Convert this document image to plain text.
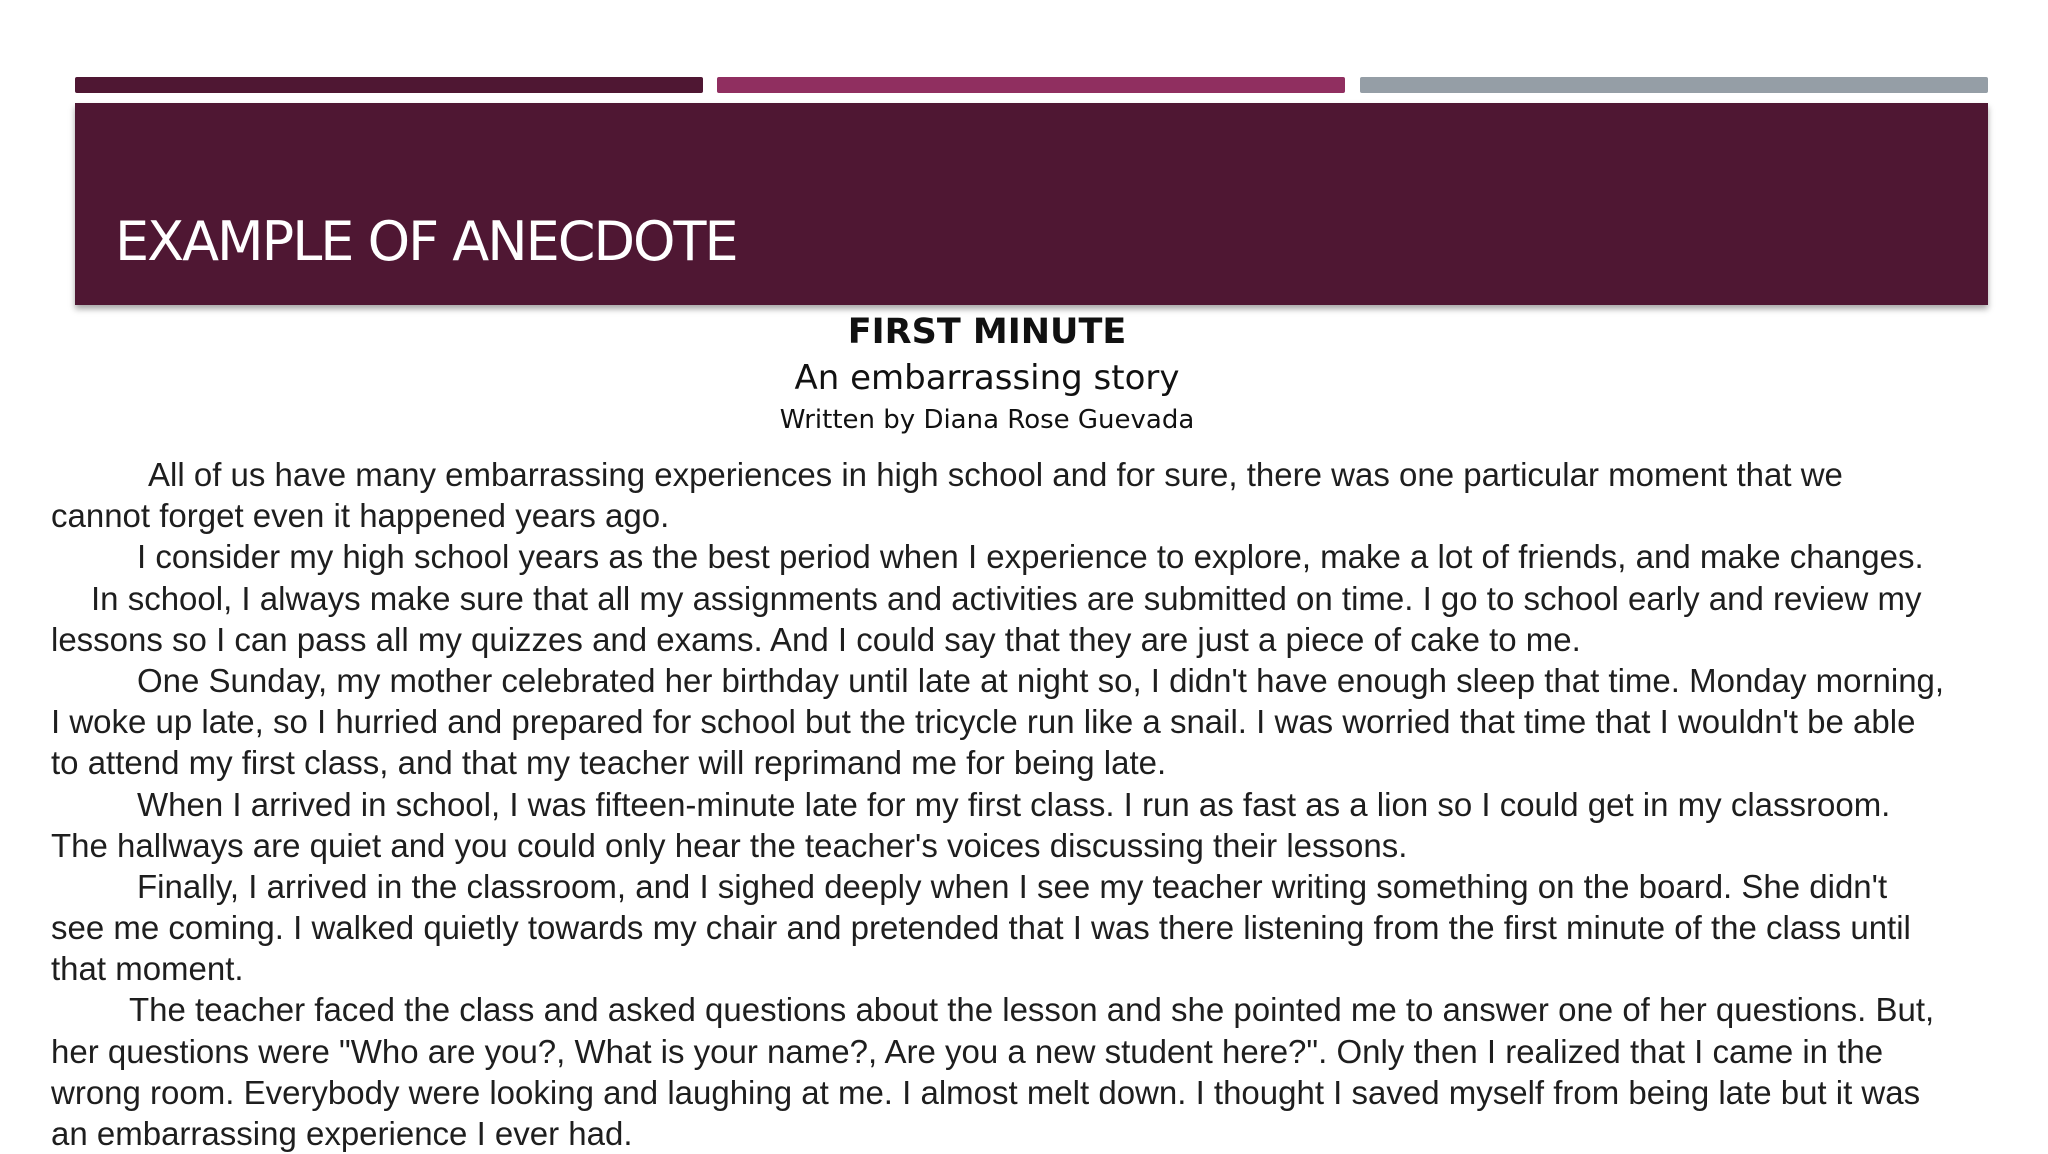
EXAMPLE OF ANECDOTE
FIRST MINUTE
An embarrassing story
Written by Diana Rose Guevada
All of us have many embarrassing experiences in high school and for sure, there was one particular moment that we
cannot forget even it happened years ago.
I consider my high school years as the best period when I experience to explore, make a lot of friends, and make changes.
In school, I always make sure that all my assignments and activities are submitted on time. I go to school early and review my
lessons so I can pass all my quizzes and exams. And I could say that they are just a piece of cake to me.
One Sunday, my mother celebrated her birthday until late at night so, I didn't have enough sleep that time. Monday morning,
I woke up late, so I hurried and prepared for school but the tricycle run like a snail. I was worried that time that I wouldn't be able
to attend my first class, and that my teacher will reprimand me for being late.
When I arrived in school, I was fifteen-minute late for my first class. I run as fast as a lion so I could get in my classroom.
The hallways are quiet and you could only hear the teacher's voices discussing their lessons.
Finally, I arrived in the classroom, and I sighed deeply when I see my teacher writing something on the board. She didn't
see me coming. I walked quietly towards my chair and pretended that I was there listening from the first minute of the class until
that moment.
The teacher faced the class and asked questions about the lesson and she pointed me to answer one of her questions. But,
her questions were "Who are you?, What is your name?, Are you a new student here?". Only then I realized that I came in the
wrong room. Everybody were looking and laughing at me. I almost melt down. I thought I saved myself from being late but it was
an embarrassing experience I ever had.
